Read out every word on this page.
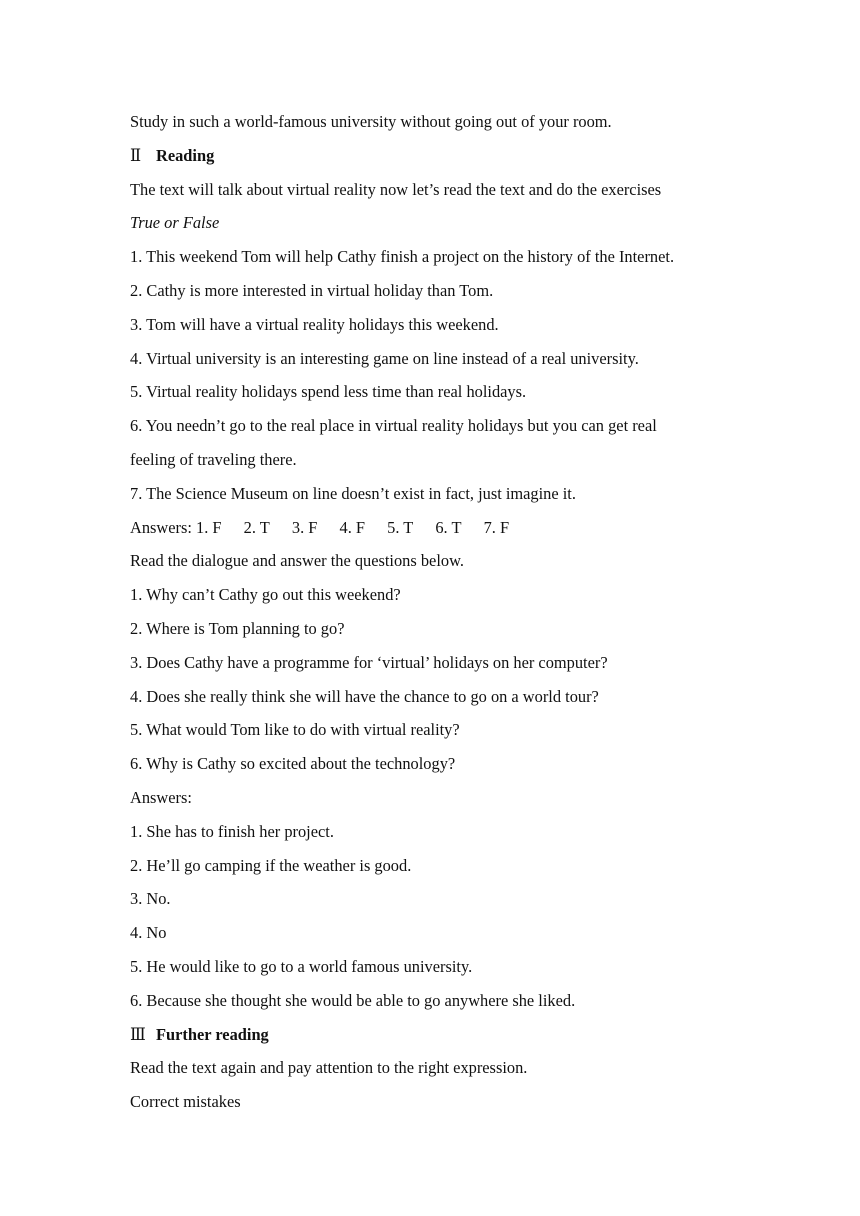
Study in such a world-famous university without going out of your room.
Ⅱ Reading
The text will talk about virtual reality now let’s read the text and do the exercises
True or False
1. This weekend Tom will help Cathy finish a project on the history of the Internet.
2. Cathy is more interested in virtual holiday than Tom.
3. Tom will have a virtual reality holidays this weekend.
4. Virtual university is an interesting game on line instead of a real university.
5. Virtual reality holidays spend less time than real holidays.
6. You needn’t go to the real place in virtual reality holidays but you can get real
feeling of traveling there.
7. The Science Museum on line doesn’t exist in fact, just imagine it.
Answers: 1. F 2. T 3. F 4. F 5. T 6. T 7. F
Read the dialogue and answer the questions below.
1. Why can’t Cathy go out this weekend?
2. Where is Tom planning to go?
3. Does Cathy have a programme for ‘virtual’ holidays on her computer?
4. Does she really think she will have the chance to go on a world tour?
5. What would Tom like to do with virtual reality?
6. Why is Cathy so excited about the technology?
Answers:
1. She has to finish her project.
2. He’ll go camping if the weather is good.
3. No.
4. No
5. He would like to go to a world famous university.
6. Because she thought she would be able to go anywhere she liked.
Ⅲ Further reading
Read the text again and pay attention to the right expression.
Correct mistakes
